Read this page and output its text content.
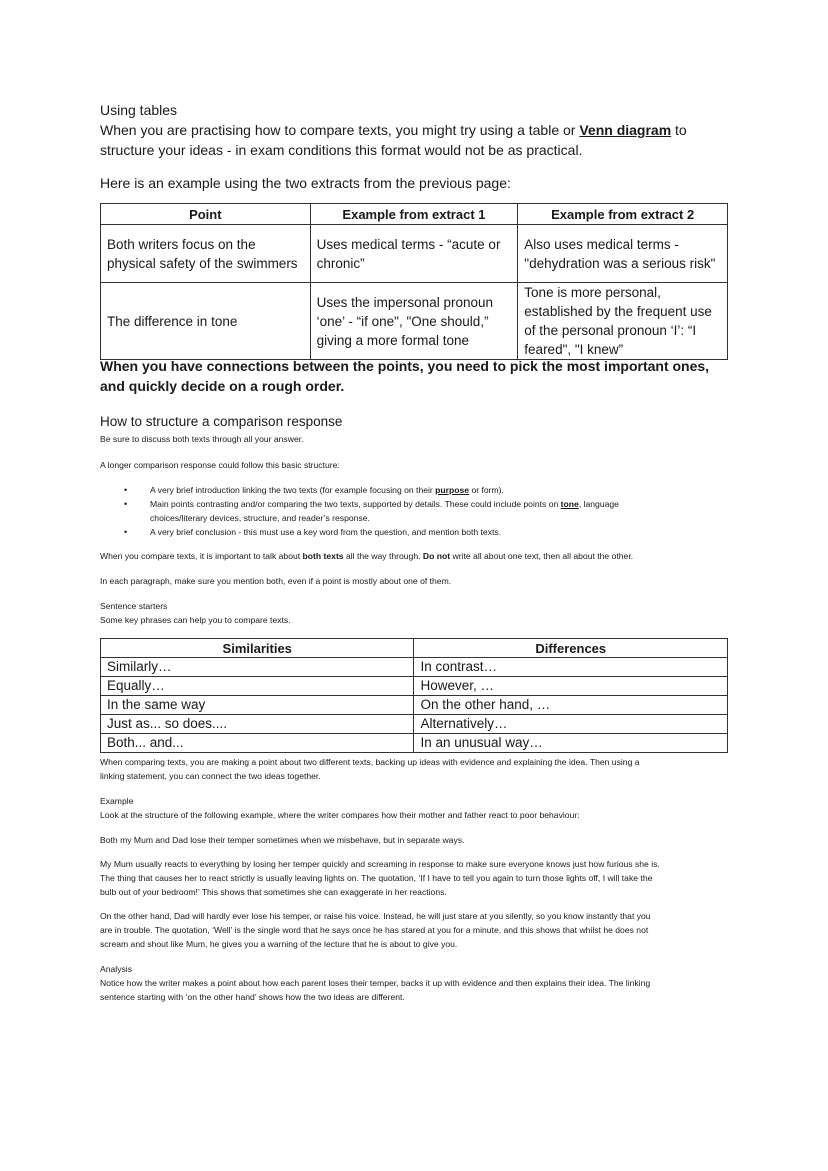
Using tables
When you are practising how to compare texts, you might try using a table or Venn diagram to
structure your ideas - in exam conditions this format would not be as practical.
Here is an example using the two extracts from the previous page:
Point	Example from extract 1	Example from extract 2
Both writers focus on the physical safety of the swimmers	Uses medical terms - “acute or chronic”	Also uses medical terms - "dehydration was a serious risk"
The difference in tone	Uses the impersonal pronoun ‘one’ - “if one", "One should,” giving a more formal tone	Tone is more personal, established by the frequent use of the personal pronoun ‘I’: “I feared", "I knew”
When you have connections between the points, you need to pick the most important ones, and quickly decide on a rough order.
How to structure a comparison response
Be sure to discuss both texts through all your answer.
A longer comparison response could follow this basic structure:
• A very brief introduction linking the two texts (for example focusing on their purpose or form).
• Main points contrasting and/or comparing the two texts, supported by details. These could include points on tone, language
choices/literary devices, structure, and reader’s response.
• A very brief conclusion - this must use a key word from the question, and mention both texts.
When you compare texts, it is important to talk about both texts all the way through. Do not write all about one text, then all about the other.
In each paragraph, make sure you mention both, even if a point is mostly about one of them.
Sentence starters
Some key phrases can help you to compare texts.
Similarities	Differences
Similarly…	In contrast…
Equally…	However, …
In the same way	On the other hand, …
Just as... so does....	Alternatively…
Both... and...	In an unusual way…
When comparing texts, you are making a point about two different texts, backing up ideas with evidence and explaining the idea. Then using a
linking statement, you can connect the two ideas together.
Example
Look at the structure of the following example, where the writer compares how their mother and father react to poor behaviour:
Both my Mum and Dad lose their temper sometimes when we misbehave, but in separate ways.
My Mum usually reacts to everything by losing her temper quickly and screaming in response to make sure everyone knows just how furious she is.
The thing that causes her to react strictly is usually leaving lights on. The quotation, ‘If I have to tell you again to turn those lights off, I will take the
bulb out of your bedroom!’ This shows that sometimes she can exaggerate in her reactions.
On the other hand, Dad will hardly ever lose his temper, or raise his voice. Instead, he will just stare at you silently, so you know instantly that you
are in trouble. The quotation, ‘Well’ is the single word that he says once he has stared at you for a minute, and this shows that whilst he does not
scream and shout like Mum, he gives you a warning of the lecture that he is about to give you.
Analysis
Notice how the writer makes a point about how each parent loses their temper, backs it up with evidence and then explains their idea. The linking
sentence starting with ‘on the other hand’ shows how the two ideas are different.
